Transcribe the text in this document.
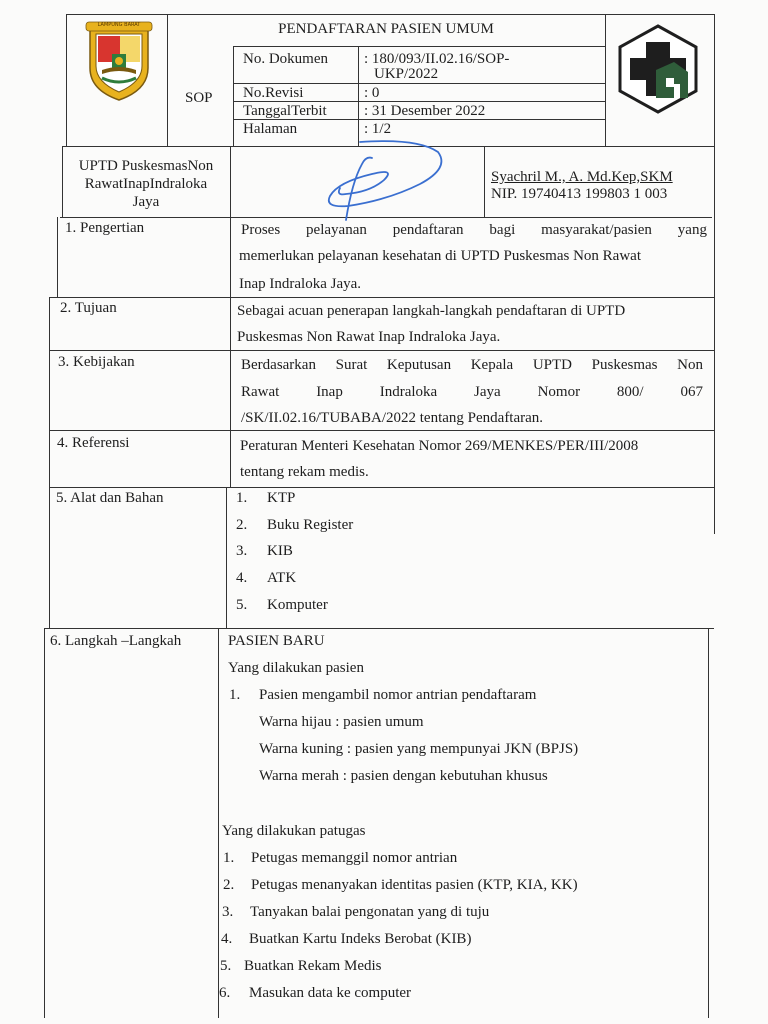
LAMPUNG BARAT	PENDAFTARAN PASIEN UMUM
SOP
No. Dokumen : 180/093/II.02.16/SOP-
UKP/2022
No.Revisi	: 0
TanggalTerbit : 31 Desember 2022
Halaman	: 1/2
UPTD PuskesmasNon
RawatInapIndraloka
Jaya
Syachril M., A. Md.Kep,SKM
NIP. 19740413 199803 1 003
1. Pengertian	Proses pelayanan pendaftaran bagi masyarakat/pasien yang
memerlukan pelayanan kesehatan di UPTD Puskesmas Non Rawat
Inap Indraloka Jaya.
2. Tujuan	Sebagai acuan penerapan langkah-langkah pendaftaran di UPTD
Puskesmas Non Rawat Inap Indraloka Jaya.
3. Kebijakan	Berdasarkan Surat Keputusan Kepala UPTD Puskesmas Non
Rawat Inap Indraloka Jaya Nomor 800/ 067
/SK/II.02.16/TUBABA/2022 tentang Pendaftaran.
4. Referensi	Peraturan Menteri Kesehatan Nomor 269/MENKES/PER/III/2008
tentang rekam medis.
5. Alat dan Bahan	1. KTP
2. Buku Register
3. KIB
4. ATK
5. Komputer
6. Langkah –Langkah	PASIEN BARU
Yang dilakukan pasien
1. Pasien mengambil nomor antrian pendaftaram
Warna hijau : pasien umum
Warna kuning : pasien yang mempunyai JKN (BPJS)
Warna merah : pasien dengan kebutuhan khusus
Yang dilakukan patugas
1. Petugas memanggil nomor antrian
2. Petugas menanyakan identitas pasien (KTP, KIA, KK)
3. Tanyakan balai pengonatan yang di tuju
4. Buatkan Kartu Indeks Berobat (KIB)
5. Buatkan Rekam Medis
6. Masukan data ke computer
